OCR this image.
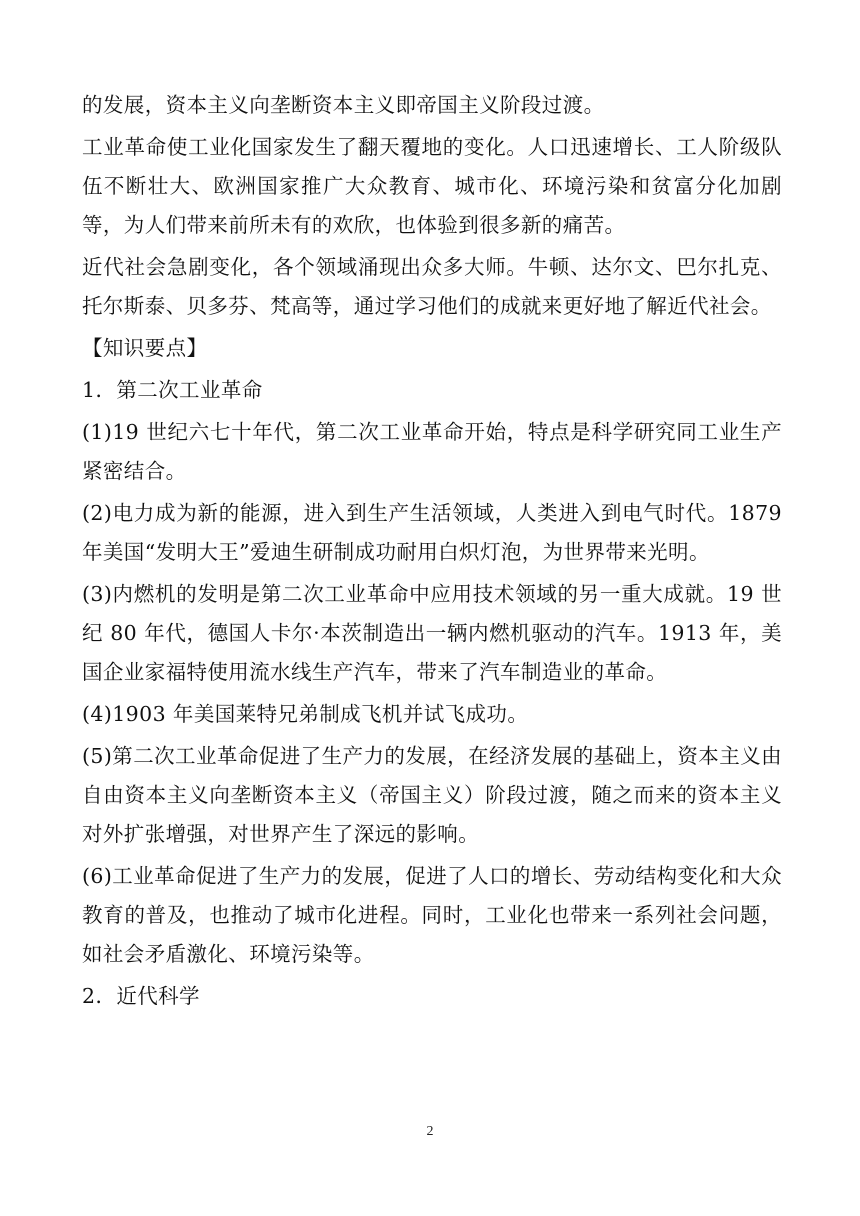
的发展，资本主义向垄断资本主义即帝国主义阶段过渡。

工业革命使工业化国家发生了翻天覆地的变化。人口迅速增长、工人阶级队伍不断壮大、欧洲国家推广大众教育、城市化、环境污染和贫富分化加剧等，为人们带来前所未有的欢欣，也体验到很多新的痛苦。

近代社会急剧变化，各个领域涌现出众多大师。牛顿、达尔文、巴尔扎克、托尔斯泰、贝多芬、梵高等，通过学习他们的成就来更好地了解近代社会。

【知识要点】

1．第二次工业革命

(1)19 世纪六七十年代，第二次工业革命开始，特点是科学研究同工业生产紧密结合。

(2)电力成为新的能源，进入到生产生活领域，人类进入到电气时代。1879 年美国“发明大王”爱迪生研制成功耐用白炽灯泡，为世界带来光明。

(3)内燃机的发明是第二次工业革命中应用技术领域的另一重大成就。19 世纪 80 年代，德国人卡尔·本茨制造出一辆内燃机驱动的汽车。1913 年，美国企业家福特使用流水线生产汽车，带来了汽车制造业的革命。

(4)1903 年美国莱特兄弟制成飞机并试飞成功。

(5)第二次工业革命促进了生产力的发展，在经济发展的基础上，资本主义由自由资本主义向垄断资本主义（帝国主义）阶段过渡，随之而来的资本主义对外扩张增强，对世界产生了深远的影响。

(6)工业革命促进了生产力的发展，促进了人口的增长、劳动结构变化和大众教育的普及，也推动了城市化进程。同时，工业化也带来一系列社会问题，如社会矛盾激化、环境污染等。

2．近代科学

2
